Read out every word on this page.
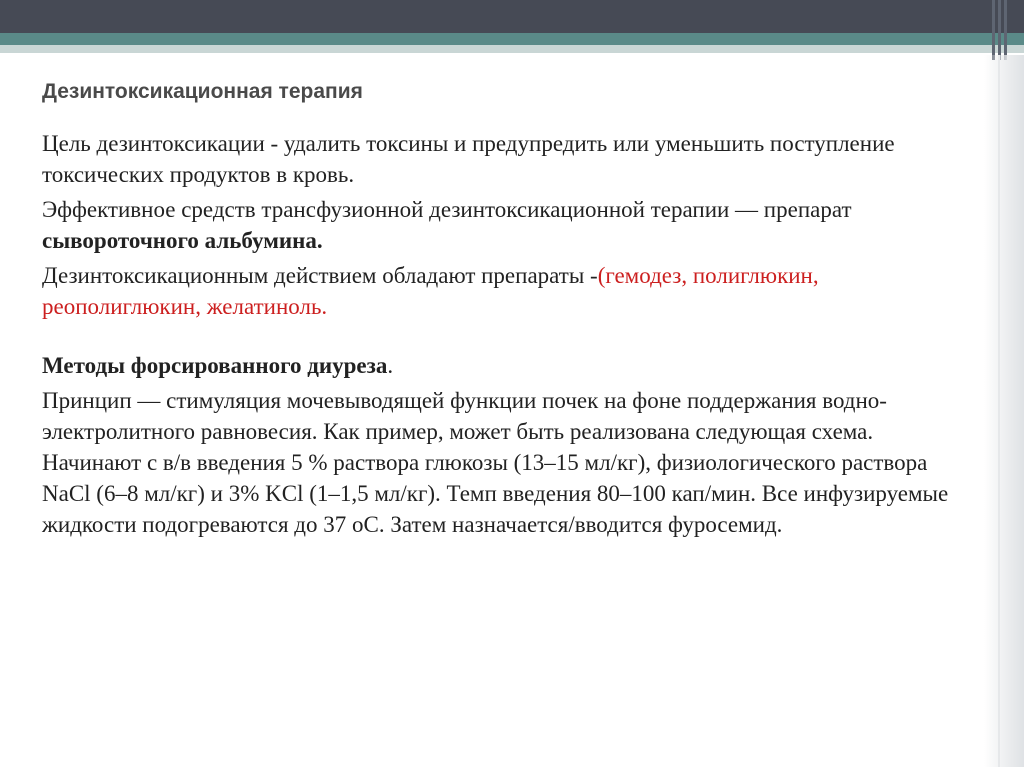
Дезинтоксикационная терапия

Цель дезинтоксикации - удалить токсины и предупредить или уменьшить поступление токсических продуктов в кровь.

Эффективное средств трансфузионной дезинтоксикационной терапии — препарат сывороточного альбумина.

Дезинтоксикационным действием обладают препараты -(гемодез, полиглюкин, реополиглюкин, желатиноль.

Методы форсированного диуреза.

Принцип — стимуляция мочевыводящей функции почек на фоне поддержания водно-электролитного равновесия. Как пример, может быть реализована следующая схема. Начинают с в/в введения 5 % раствора глюкозы (13–15 мл/кг), физиологического раствора NaCl (6–8 мл/кг) и 3% KCl (1–1,5 мл/кг). Темп введения 80–100 кап/мин. Все инфузируемые жидкости подогреваются до 37 оС. Затем назначается/вводится фуросемид.
